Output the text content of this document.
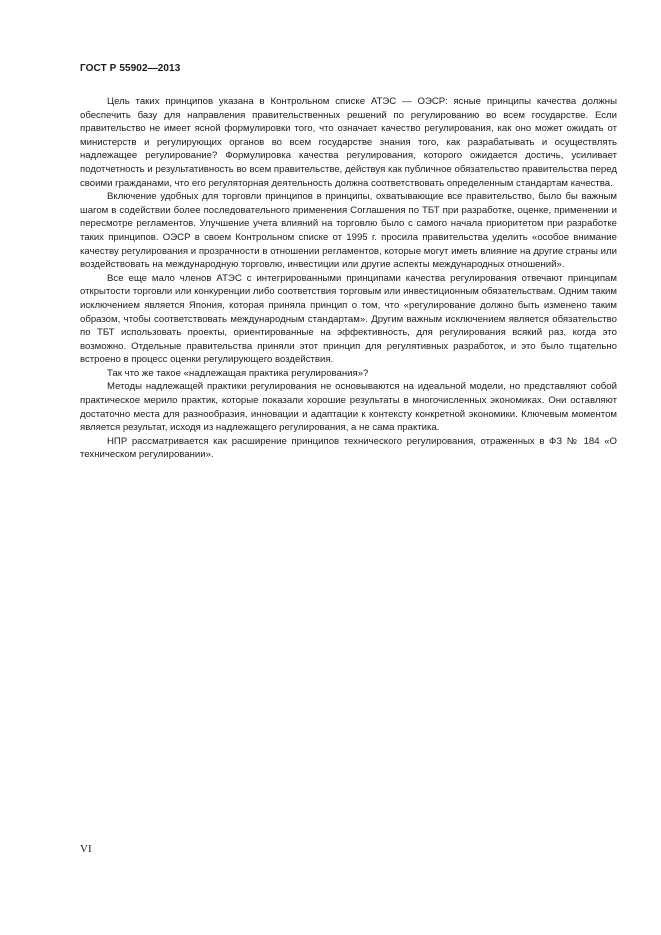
ГОСТ Р 55902—2013

Цель таких принципов указана в Контрольном списке АТЭС — ОЭСР: ясные принципы качества должны обеспечить базу для направления правительственных решений по регулированию во всем государстве. Если правительство не имеет ясной формулировки того, что означает качество регулирования, как оно может ожидать от министерств и регулирующих органов во всем государстве знания того, как разрабатывать и осуществлять надлежащее регулирование? Формулировка качества регулирования, которого ожидается достичь, усиливает подотчетность и результативность во всем правительстве, действуя как публичное обязательство правительства перед своими гражданами, что его регуляторная деятельность должна соответствовать определенным стандартам качества.

Включение удобных для торговли принципов в принципы, охватывающие все правительство, было бы важным шагом в содействии более последовательного применения Соглашения по ТБТ при разработке, оценке, применении и пересмотре регламентов. Улучшение учета влияний на торговлю было с самого начала приоритетом при разработке таких принципов. ОЭСР в своем Контрольном списке от 1995 г. просила правительства уделить «особое внимание качеству регулирования и прозрачности в отношении регламентов, которые могут иметь влияние на другие страны или воздействовать на международную торговлю, инвестиции или другие аспекты международных отношений».

Все еще мало членов АТЭС с интегрированными принципами качества регулирования отвечают принципам открытости торговли или конкуренции либо соответствия торговым или инвестиционным обязательствам. Одним таким исключением является Япония, которая приняла принцип о том, что «регулирование должно быть изменено таким образом, чтобы соответствовать международным стандартам». Другим важным исключением является обязательство по ТБТ использовать проекты, ориентированные на эффективность, для регулирования всякий раз, когда это возможно. Отдельные правительства приняли этот принцип для регулятивных разработок, и это было тщательно встроено в процесс оценки регулирующего воздействия.

Так что же такое «надлежащая практика регулирования»?

Методы надлежащей практики регулирования не основываются на идеальной модели, но представляют собой практическое мерило практик, которые показали хорошие результаты в многочисленных экономиках. Они оставляют достаточно места для разнообразия, инновации и адаптации к контексту конкретной экономики. Ключевым моментом является результат, исходя из надлежащего регулирования, а не сама практика.

НПР рассматривается как расширение принципов технического регулирования, отраженных в ФЗ № 184 «О техническом регулировании».

VI
